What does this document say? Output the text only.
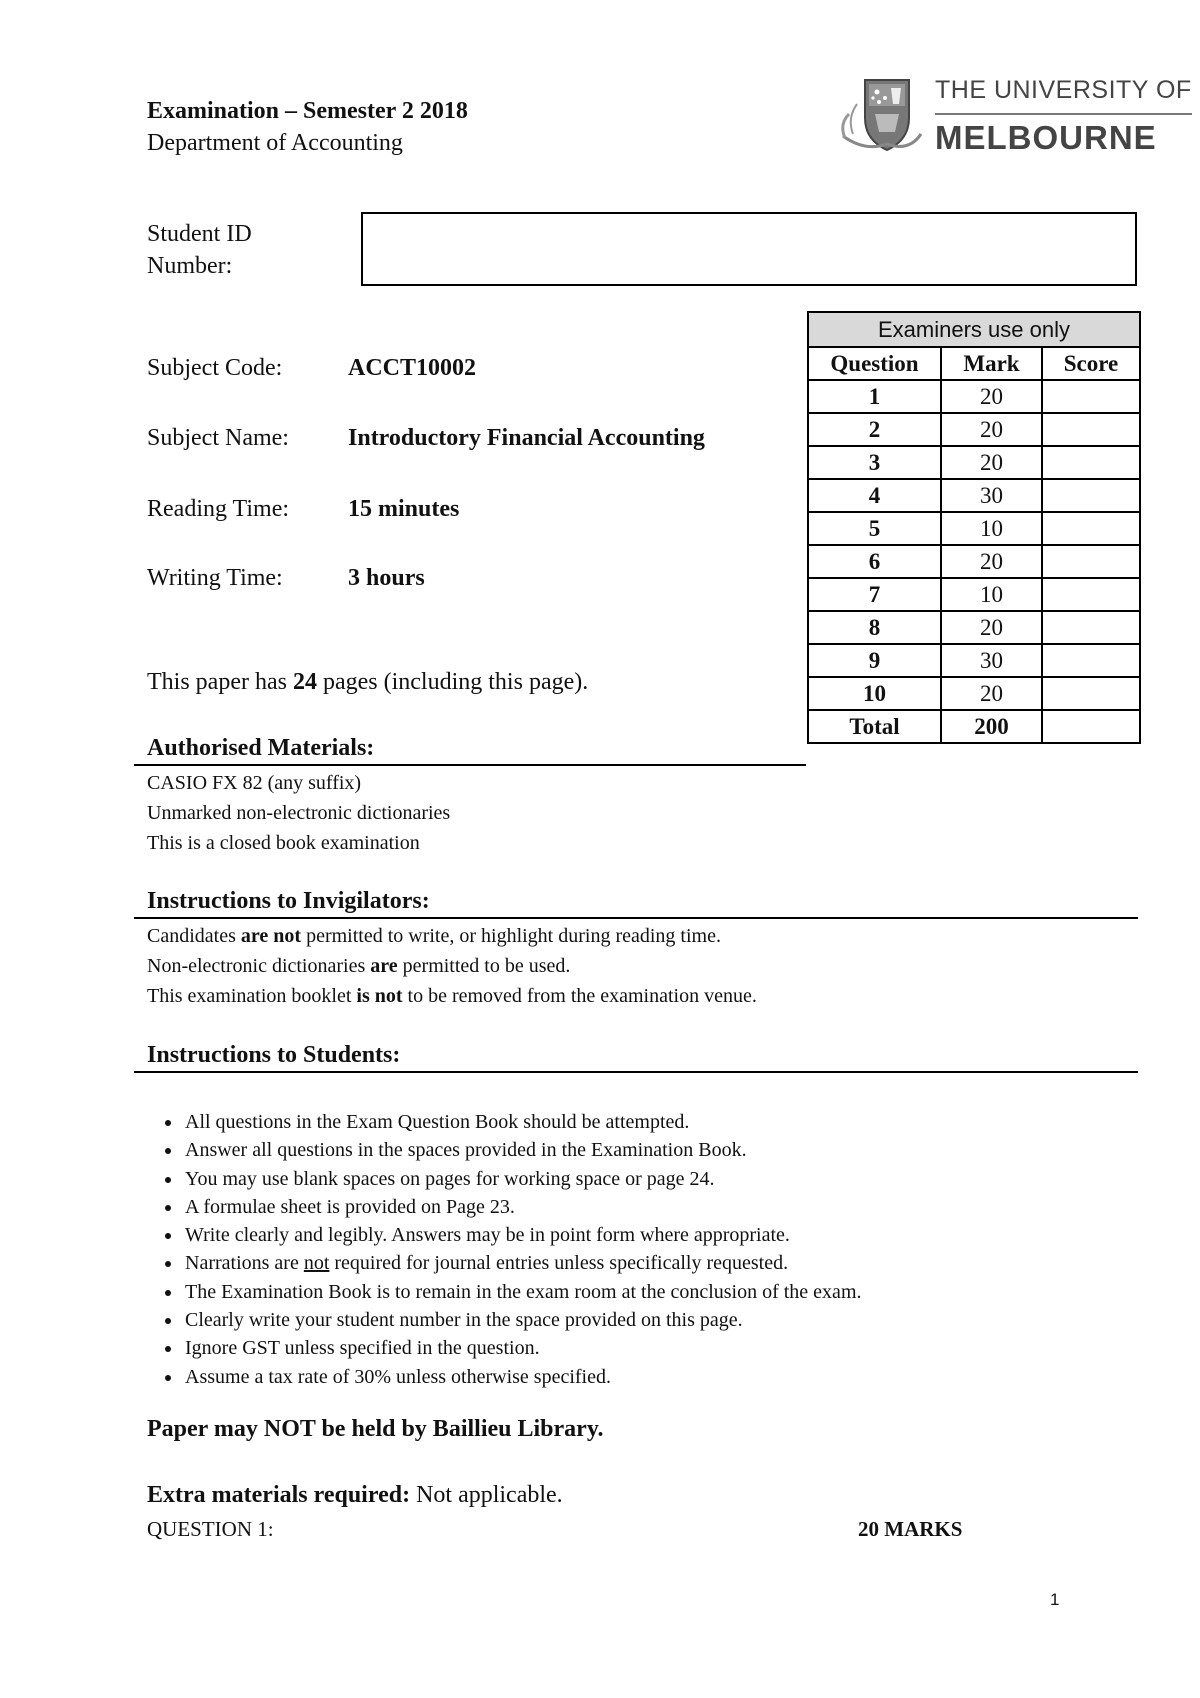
Examination – Semester 2 2018
Department of Accounting
THE UNIVERSITY OF
MELBOURNE
Student ID
Number:
Subject Code:	ACCT10002
Subject Name: Introductory Financial Accounting
Reading Time: 15 minutes
Writing Time:	3 hours
This paper has 24 pages (including this page).
Examiners use only		
Question	Mark	Score
1	20	
2	20	
3	20	
4	30	
5	10	
6	20	
7	10	
8	20	
9	30	
10	20	
Total	200	
Authorised Materials:
CASIO FX 82 (any suffix)
Unmarked non-electronic dictionaries
This is a closed book examination
Instructions to Invigilators:
Candidates are not permitted to write, or highlight during reading time.
Non-electronic dictionaries are permitted to be used.
This examination booklet is not to be removed from the examination venue.
Instructions to Students:
• All questions in the Exam Question Book should be attempted.
• Answer all questions in the spaces provided in the Examination Book.
• You may use blank spaces on pages for working space or page 24.
• A formulae sheet is provided on Page 23.
• Write clearly and legibly. Answers may be in point form where appropriate.
• Narrations are not required for journal entries unless specifically requested.
• The Examination Book is to remain in the exam room at the conclusion of the exam.
• Clearly write your student number in the space provided on this page.
• Ignore GST unless specified in the question.
• Assume a tax rate of 30% unless otherwise specified.
Paper may NOT be held by Baillieu Library.
Extra materials required: Not applicable.
QUESTION 1:	20 MARKS
1
